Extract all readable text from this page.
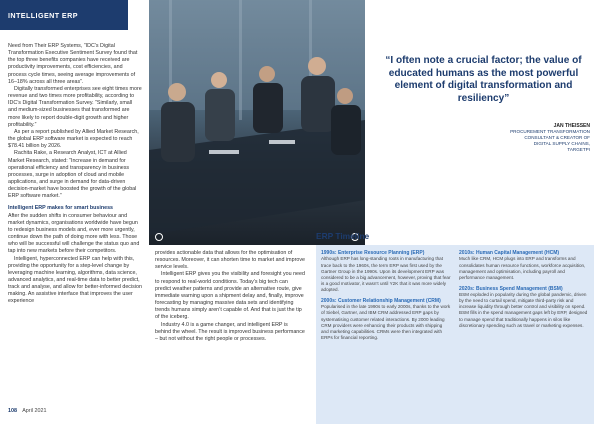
INTELLIGENT ERP

Need from Their ERP Systems, “IDC’s Digital Transformation Executive Sentiment Survey found that the top three benefits companies have received are productivity improvements, cost efficiencies, and process cycle times, seeing average improvements of 16–18% across all three areas”.

Digitally transformed enterprises see eight times more revenue and two times more profitability, according to IDC’s Digital Transformation Survey. “Similarly, small and medium-sized businesses that transformed are more likely to report double-digit growth and higher profitability.”

As per a report published by Allied Market Research, the global ERP software market is expected to reach $78.41 billion by 2026.

Rachita Rake, a Research Analyst, ICT at Allied Market Research, stated: “Increase in demand for operational efficiency and transparency in business processes, surge in adoption of cloud and mobile applications, and surge in demand for data-driven decision-market have boosted the growth of the global ERP software market.”

Intelligent ERP makes for smart business

After the sudden shifts in consumer behaviour and market dynamics, organisations worldwide have begun to redesign business models and, ever more urgently, continue down the path of doing more with less. Those who will be successful will challenge the status quo and tap into new markets before their competitors.

Intelligent, hyperconnected ERP can help with this, providing the opportunity for a step-level change by leveraging machine learning, algorithms, data science, advanced analytics, and real-time data to better predict, track and analyse, and allow for better-informed decision making. An assistive interface that improves the user experience

“I often note a crucial factor; the value of educated humans as the most powerful element of digital transformation and resiliency”
JAN THEISSEN
PROCUREMENT TRANSFORMATION
CONSULTANT & CREATOR OF
DIGITAL SUPPLY CHAINS,
TARGETPI

provides actionable data that allows for the optimisation of resources. Moreover, it can shorten time to market and improve service levels.

Intelligent ERP gives you the visibility and foresight you need to respond to real-world conditions. Today’s big tech can predict weather patterns and provide an alternative route, give immediate warning upon a shipment delay and, finally, improve forecasting by managing massive data sets and identifying trends humans simply aren’t capable of. And that is just the tip of the iceberg.

Industry 4.0 is a game changer, and intelligent ERP is behind the wheel. The result is improved business performance – but not without the right people or processes.

ERP Timeline
1990s: Enterprise Resource Planning (ERP)
Although ERP has long-standing roots in manufacturing that trace back to the 1960s, the term ERP was first used by the Gartner Group in the 1990s. Upon its development ERP was considered to be a big advancement, however, proving that fear is a good motivator, it wasn’t until Y2K that it was more widely adopted.
2000s: Customer Relationship Management (CRM)
Popularised in the late 1990s to early 2000s, thanks to the work of Siebel, Gartner, and IBM CRM addressed ERP gaps by systematising customer related interactions. By 2000 leading CRM providers were enhancing their products with shipping and marketing capabilities. CRMs were then integrated with ERPs for financial reporting.
2010s: Human Capital Management (HCM)
Much like CRM, HCM plugs into ERP and transforms and consolidates human resource functions, workforce acquisition, management and optimisation, including payroll and performance management.
2020s: Business Spend Management (BSM)
BSM exploded in popularity during the global pandemic, driven by the need to curtail spend, mitigate third-party risk and increase liquidity through better control and visibility on spend. BSM fills in the spend management gaps left by ERP, designed to manage spend that traditionally happens in silos like discretionary spending such as travel or marketing expenses.
108 April 2021
